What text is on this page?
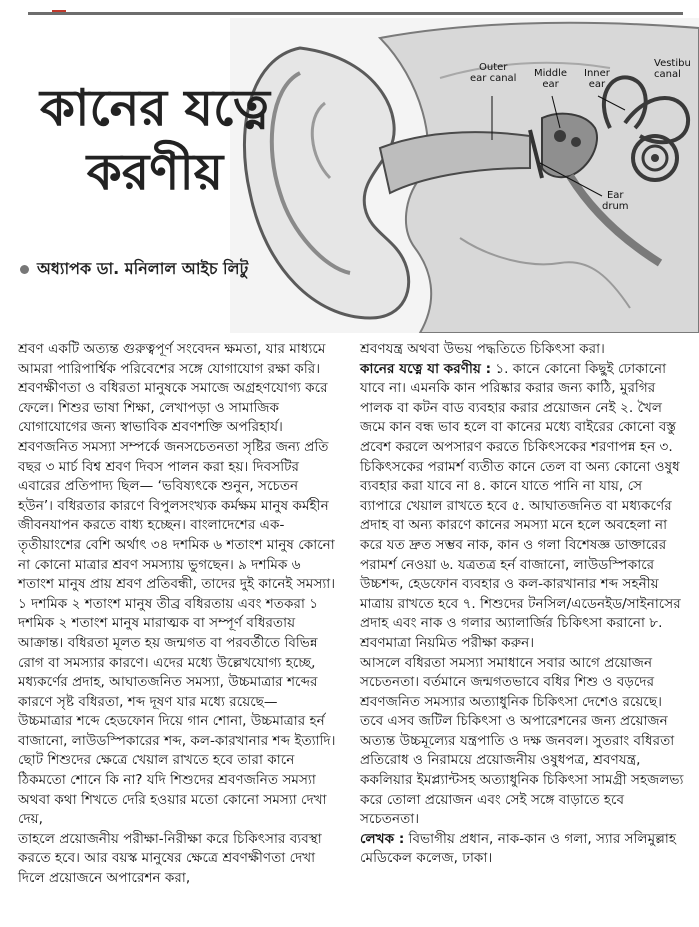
Outer
ear canal Middle
ear
Inner
ear
Vestibu
canal
Ear
drum
কানের যত্নে
করণীয়
অধ্যাপক ডা. মনিলাল আইচ লিটু

শ্রবণ একটি অত্যন্ত গুরুত্বপূর্ণ সংবেদন ক্ষমতা, যার মাধ্যমে আমরা পারিপার্শ্বিক পরিবেশের সঙ্গে যোগাযোগ রক্ষা করি। শ্রবণক্ষীণতা ও বধিরতা মানুষকে সমাজে অগ্রহণযোগ্য করে ফেলে। শিশুর ভাষা শিক্ষা, লেখাপড়া ও সামাজিক যোগাযোগের জন্য স্বাভাবিক শ্রবণশক্তি অপরিহার্য। শ্রবণজনিত সমস্যা সম্পর্কে জনসচেতনতা সৃষ্টির জন্য প্রতি বছর ৩ মার্চ বিশ্ব শ্রবণ দিবস পালন করা হয়। দিবসটির এবারের প্রতিপাদ্য ছিল— ‘ভবিষ্যৎকে শুনুন, সচেতন হউন’। বধিরতার কারণে বিপুলসংখ্যক কর্মক্ষম মানুষ কর্মহীন জীবনযাপন করতে বাধ্য হচ্ছেন। বাংলাদেশের এক-তৃতীয়াংশের বেশি অর্থাৎ ৩৪ দশমিক ৬ শতাংশ মানুষ কোনো না কোনো মাত্রার শ্রবণ সমস্যায় ভুগছেন। ৯ দশমিক ৬ শতাংশ মানুষ প্রায় শ্রবণ প্রতিবন্ধী, তাদের দুই কানেই সমস্যা। ১ দশমিক ২ শতাংশ মানুষ তীব্র বধিরতায় এবং শতকরা ১ দশমিক ২ শতাংশ মানুষ মারাত্মক বা সম্পূর্ণ বধিরতায় আক্রান্ত। বধিরতা মূলত হয় জন্মগত বা পরবর্তীতে বিভিন্ন রোগ বা সমস্যার কারণে। এদের মধ্যে উল্লেখযোগ্য হচ্ছে, মধ্যকর্ণের প্রদাহ, আঘাতজনিত সমস্যা, উচ্চমাত্রার শব্দের কারণে সৃষ্ট বধিরতা, শব্দ দূষণ যার মধ্যে রয়েছে— উচ্চমাত্রার শব্দে হেডফোন দিয়ে গান শোনা, উচ্চমাত্রার হর্ন বাজানো, লাউডস্পিকারের শব্দ, কল-কারখানার শব্দ ইত্যাদি। ছোট শিশুদের ক্ষেত্রে খেয়াল রাখতে হবে তারা কানে ঠিকমতো শোনে কি না? যদি শিশুদের শ্রবণজনিত সমস্যা অথবা কথা শিখতে দেরি হওয়ার মতো কোনো সমস্যা দেখা দেয়,

তাহলে প্রয়োজনীয় পরীক্ষা-নিরীক্ষা করে চিকিৎসার ব্যবস্থা করতে হবে। আর বয়স্ক মানুষের ক্ষেত্রে শ্রবণক্ষীণতা দেখা দিলে প্রয়োজনে অপারেশন করা,

শ্রবণযন্ত্র অথবা উভয় পদ্ধতিতে চিকিৎসা করা।

কানের যত্নে যা করণীয় : ১. কানে কোনো কিছুই ঢোকানো যাবে না। এমনকি কান পরিষ্কার করার জন্য কাঠি, মুরগির পালক বা কটন বাড ব্যবহার করার প্রয়োজন নেই ২. খৈল জমে কান বন্ধ ভাব হলে বা কানের মধ্যে বাইরের কোনো বস্তু প্রবেশ করলে অপসারণ করতে চিকিৎসকের শরণাপন্ন হন ৩. চিকিৎসকের পরামর্শ ব্যতীত কানে তেল বা অন্য কোনো ওষুধ ব্যবহার করা যাবে না ৪. কানে যাতে পানি না যায়, সে ব্যাপারে খেয়াল রাখতে হবে ৫. আঘাতজনিত বা মধ্যকর্ণের প্রদাহ বা অন্য কারণে কানের সমস্যা মনে হলে অবহেলা না করে যত দ্রুত সম্ভব নাক, কান ও গলা বিশেষজ্ঞ ডাক্তারের পরামর্শ নেওয়া ৬. যত্রতত্র হর্ন বাজানো, লাউডস্পিকারে উচ্চশব্দ, হেডফোন ব্যবহার ও কল-কারখানার শব্দ সহনীয় মাত্রায় রাখতে হবে ৭. শিশুদের টনসিল/এডেনইড/সাইনাসের প্রদাহ এবং নাক ও গলার অ্যালার্জির চিকিৎসা করানো ৮. শ্রবণমাত্রা নিয়মিত পরীক্ষা করুন।

আসলে বধিরতা সমস্যা সমাধানে সবার আগে প্রয়োজন সচেতনতা। বর্তমানে জন্মগতভাবে বধির শিশু ও বড়দের শ্রবণজনিত সমস্যার অত্যাধুনিক চিকিৎসা দেশেও রয়েছে। তবে এসব জটিল চিকিৎসা ও অপারেশনের জন্য প্রয়োজন অত্যন্ত উচ্চমূল্যের যন্ত্রপাতি ও দক্ষ জনবল। সুতরাং বধিরতা প্রতিরোধ ও নিরাময়ে প্রয়োজনীয় ওষুধপত্র, শ্রবণযন্ত্র, ককলিয়ার ইমপ্ল্যান্টসহ অত্যাধুনিক চিকিৎসা সামগ্রী সহজলভ্য করে তোলা প্রয়োজন এবং সেই সঙ্গে বাড়াতে হবে সচেতনতা।

লেখক : বিভাগীয় প্রধান, নাক-কান ও গলা, স্যার সলিমুল্লাহ মেডিকেল কলেজ, ঢাকা।
